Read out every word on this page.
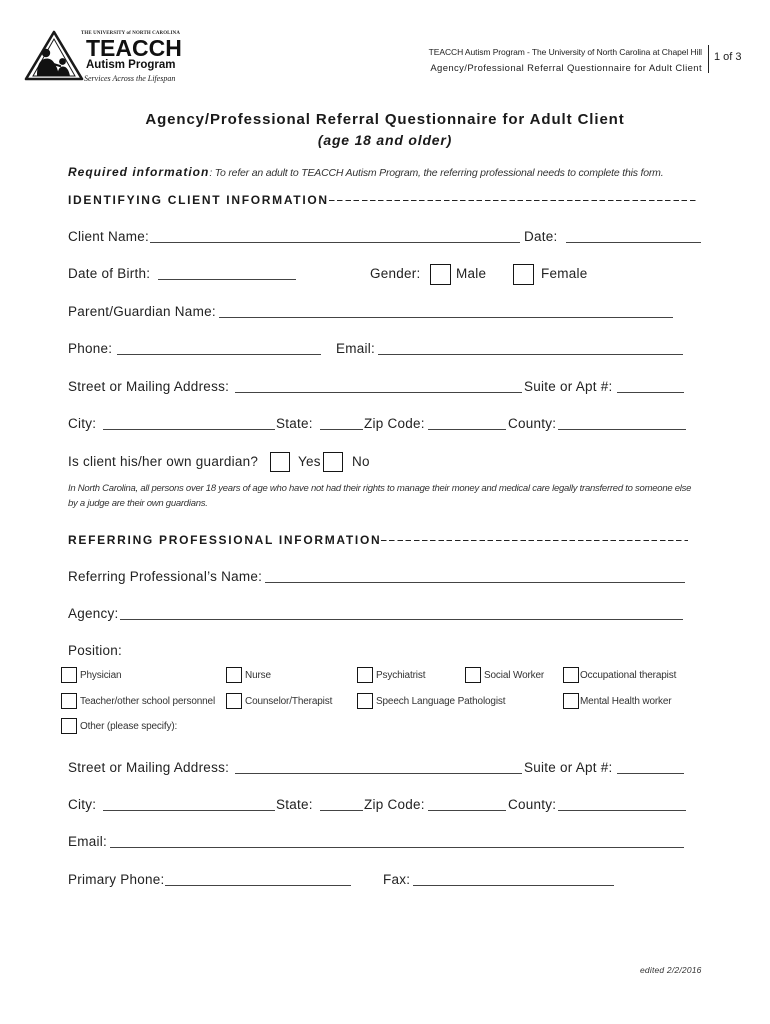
THE UNIVERSITY of NORTH CAROLINA
TEACCH
Autism Program
Services Across the Lifespan
TEACCH Autism Program - The University of North Carolina at Chapel Hill
Agency/Professional Referral Questionnaire for Adult Client
1 of 3
Agency/Professional Referral Questionnaire for Adult Client
(age 18 and older)
Required information: To refer an adult to TEACCH Autism Program, the referring professional needs to complete this form.
IDENTIFYING CLIENT INFORMATION
Client Name:	Date:
Date of Birth:	Gender:	Male	Female
Parent/Guardian Name:
Phone:	Email:
Street or Mailing Address:	Suite or Apt #:
City:	State:	Zip Code:	County:
Is client his/her own guardian?	Yes No
In North Carolina, all persons over 18 years of age who have not had their rights to manage their money and medical care legally transferred to someone else by a judge are their own guardians.
REFERRING PROFESSIONAL INFORMATION
Referring Professional’s Name:
Agency:
Position:
Physician	Nurse	Psychiatrist	Social Worker	Occupational therapist
Teacher/other school personnel	Counselor/Therapist	Speech Language Pathologist	Mental Health worker
Other (please specify):
Street or Mailing Address:	Suite or Apt #:
City:	State:	Zip Code:	County:
Email:
Primary Phone:	Fax:
edited 2/2/2016
